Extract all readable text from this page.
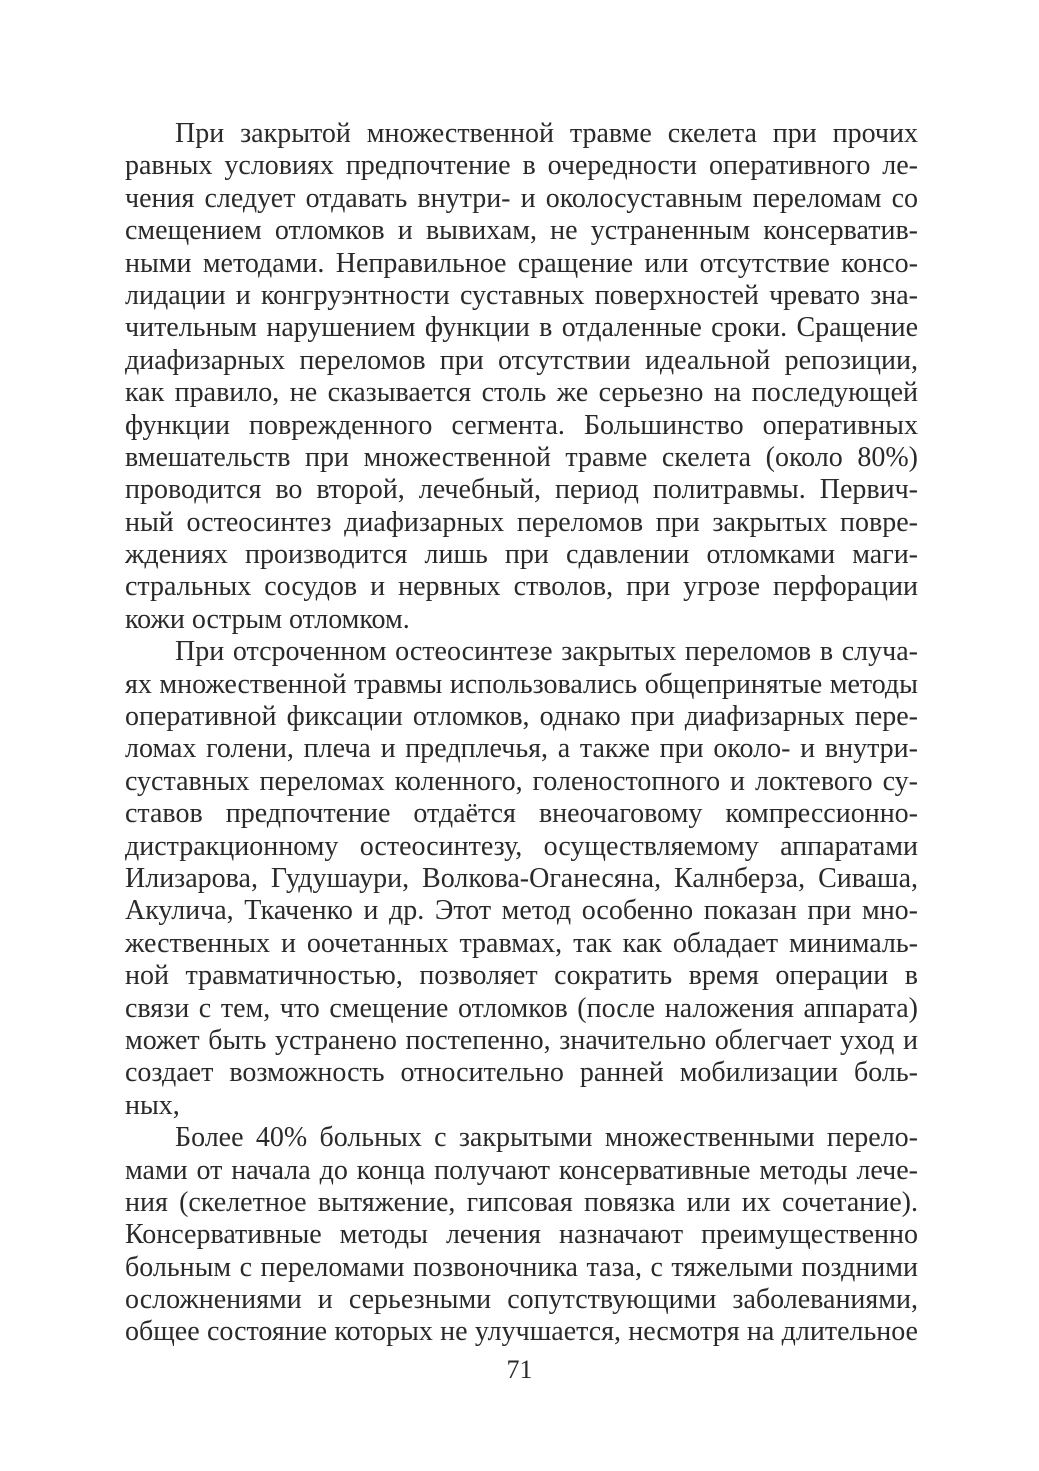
При закрытой множественной травме скелета при прочих
равных условиях предпочтение в очередности оперативного ле-
чения следует отдавать внутри- и околосуставным переломам со
смещением отломков и вывихам, не устраненным консерватив-
ными методами. Неправильное сращение или отсутствие консо-
лидации и конгруэнтности суставных поверхностей чревато зна-
чительным нарушением функции в отдаленные сроки. Сращение
диафизарных переломов при отсутствии идеальной репозиции,
как правило, не сказывается столь же серьезно на последующей
функции поврежденного сегмента. Большинство оперативных
вмешательств при множественной травме скелета (около 80%)
проводится во второй, лечебный, период политравмы. Первич-
ный остеосинтез диафизарных переломов при закрытых повре-
ждениях производится лишь при сдавлении отломками маги-
стральных сосудов и нервных стволов, при угрозе перфорации
кожи острым отломком.
При отсроченном остеосинтезе закрытых переломов в случа-
ях множественной травмы использовались общепринятые методы
оперативной фиксации отломков, однако при диафизарных пере-
ломах голени, плеча и предплечья, а также при около- и внутри-
суставных переломах коленного, голеностопного и локтевого су-
ставов предпочтение отдаётся внеочаговому компрессионно-
дистракционному остеосинтезу, осуществляемому аппаратами
Илизарова, Гудушаури, Волкова-Оганесяна, Калнберза, Сиваша,
Акулича, Ткаченко и др. Этот метод особенно показан при мно-
жественных и оочетанных травмах, так как обладает минималь-
ной травматичностью, позволяет сократить время операции в
связи с тем, что смещение отломков (после наложения аппарата)
может быть устранено постепенно, значительно облегчает уход и
создает возможность относительно ранней мобилизации боль-
ных,
Более 40% больных с закрытыми множественными перело-
мами от начала до конца получают консервативные методы лече-
ния (скелетное вытяжение, гипсовая повязка или их сочетание).
Консервативные методы лечения назначают преимущественно
больным с переломами позвоночника таза, с тяжелыми поздними
осложнениями и серьезными сопутствующими заболеваниями,
общее состояние которых не улучшается, несмотря на длительное
71
